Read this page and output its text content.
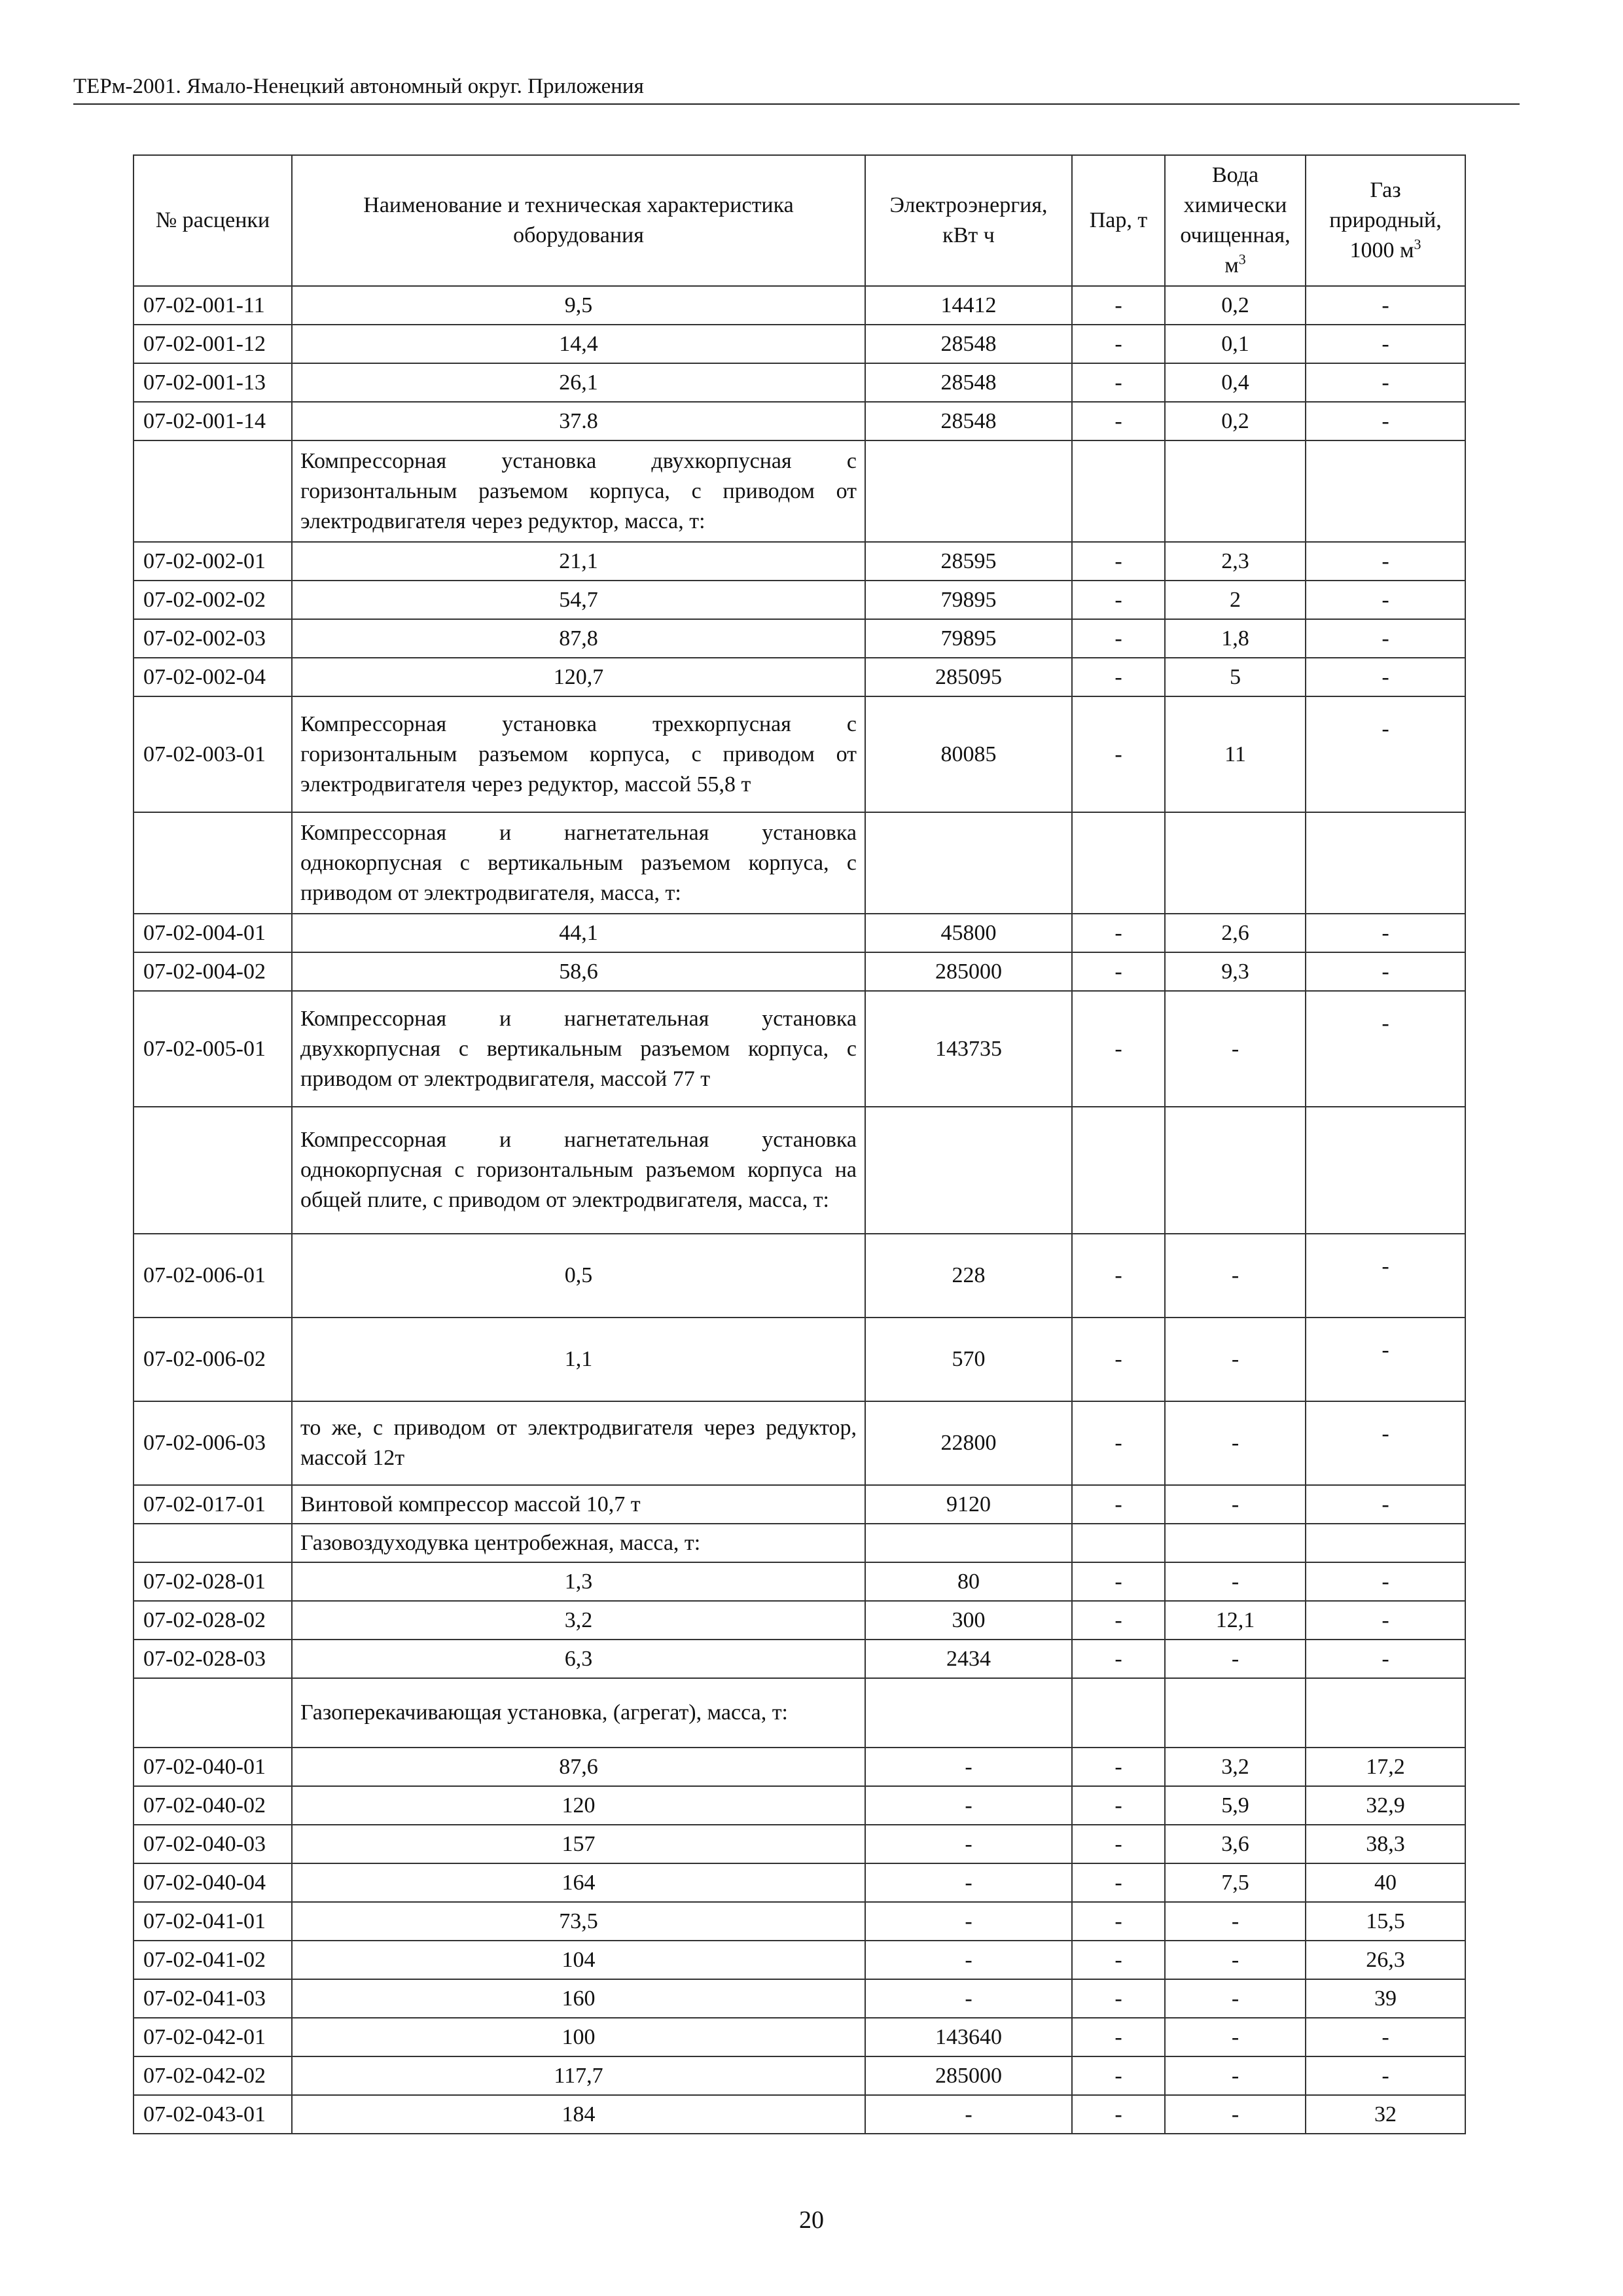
ТЕРм-2001. Ямало-Ненецкий автономный округ. Приложения
№ расценки	Наименование и техническая характеристика оборудования	Электроэнергия, кВт ч	Пар, т	Вода химически очищенная, $м^3$	Газ природный, 1000 $м^3$
07-02-001-11	9,5	14412	-	0,2	-
07-02-001-12	14,4	28548	-	0,1	-
07-02-001-13	26,1	28548	-	0,4	-
07-02-001-14	37.8	28548	-	0,2	-
	Компрессорная установка двухкорпусная с горизонтальным разъемом корпуса, с приводом от электродвигателя через редуктор, масса, т:				
07-02-002-01	21,1	28595	-	2,3	-
07-02-002-02	54,7	79895	-	2	-
07-02-002-03	87,8	79895	-	1,8	-
07-02-002-04	120,7	285095	-	5	-
07-02-003-01	Компрессорная установка трехкорпусная с горизонтальным разъемом корпуса, с приводом от электродвигателя через редуктор, массой 55,8 т	80085	-	11	-
	Компрессорная и нагнетательная установка однокорпусная с вертикальным разъемом корпуса, с приводом от электродвигателя, масса, т:				
07-02-004-01	44,1	45800	-	2,6	-
07-02-004-02	58,6	285000	-	9,3	-
07-02-005-01	Компрессорная и нагнетательная установка двухкорпусная с вертикальным разъемом корпуса, с приводом от электродвигателя, массой 77 т	143735	-	-	-
	Компрессорная и нагнетательная установка однокорпусная с горизонтальным разъемом корпуса на общей плите, с приводом от электродвигателя, масса, т:				
07-02-006-01	0,5	228	-	-	-
07-02-006-02	1,1	570	-	-	-
07-02-006-03	то же, с приводом от электродвигателя через редуктор, массой 12т	22800	-	-	-
07-02-017-01	Винтовой компрессор массой 10,7 т	9120	-	-	-
	Газовоздуходувка центробежная, масса, т:				
07-02-028-01	1,3	80	-	-	-
07-02-028-02	3,2	300	-	12,1	-
07-02-028-03	6,3	2434	-	-	-
	Газоперекачивающая установка, (агрегат), масса, т:				
07-02-040-01	87,6	-	-	3,2	17,2
07-02-040-02	120	-	-	5,9	32,9
07-02-040-03	157	-	-	3,6	38,3
07-02-040-04	164	-	-	7,5	40
07-02-041-01	73,5	-	-	-	15,5
07-02-041-02	104	-	-	-	26,3
07-02-041-03	160	-	-	-	39
07-02-042-01	100	143640	-	-	-
07-02-042-02	117,7	285000	-	-	-
07-02-043-01	184	-	-	-	32
20
